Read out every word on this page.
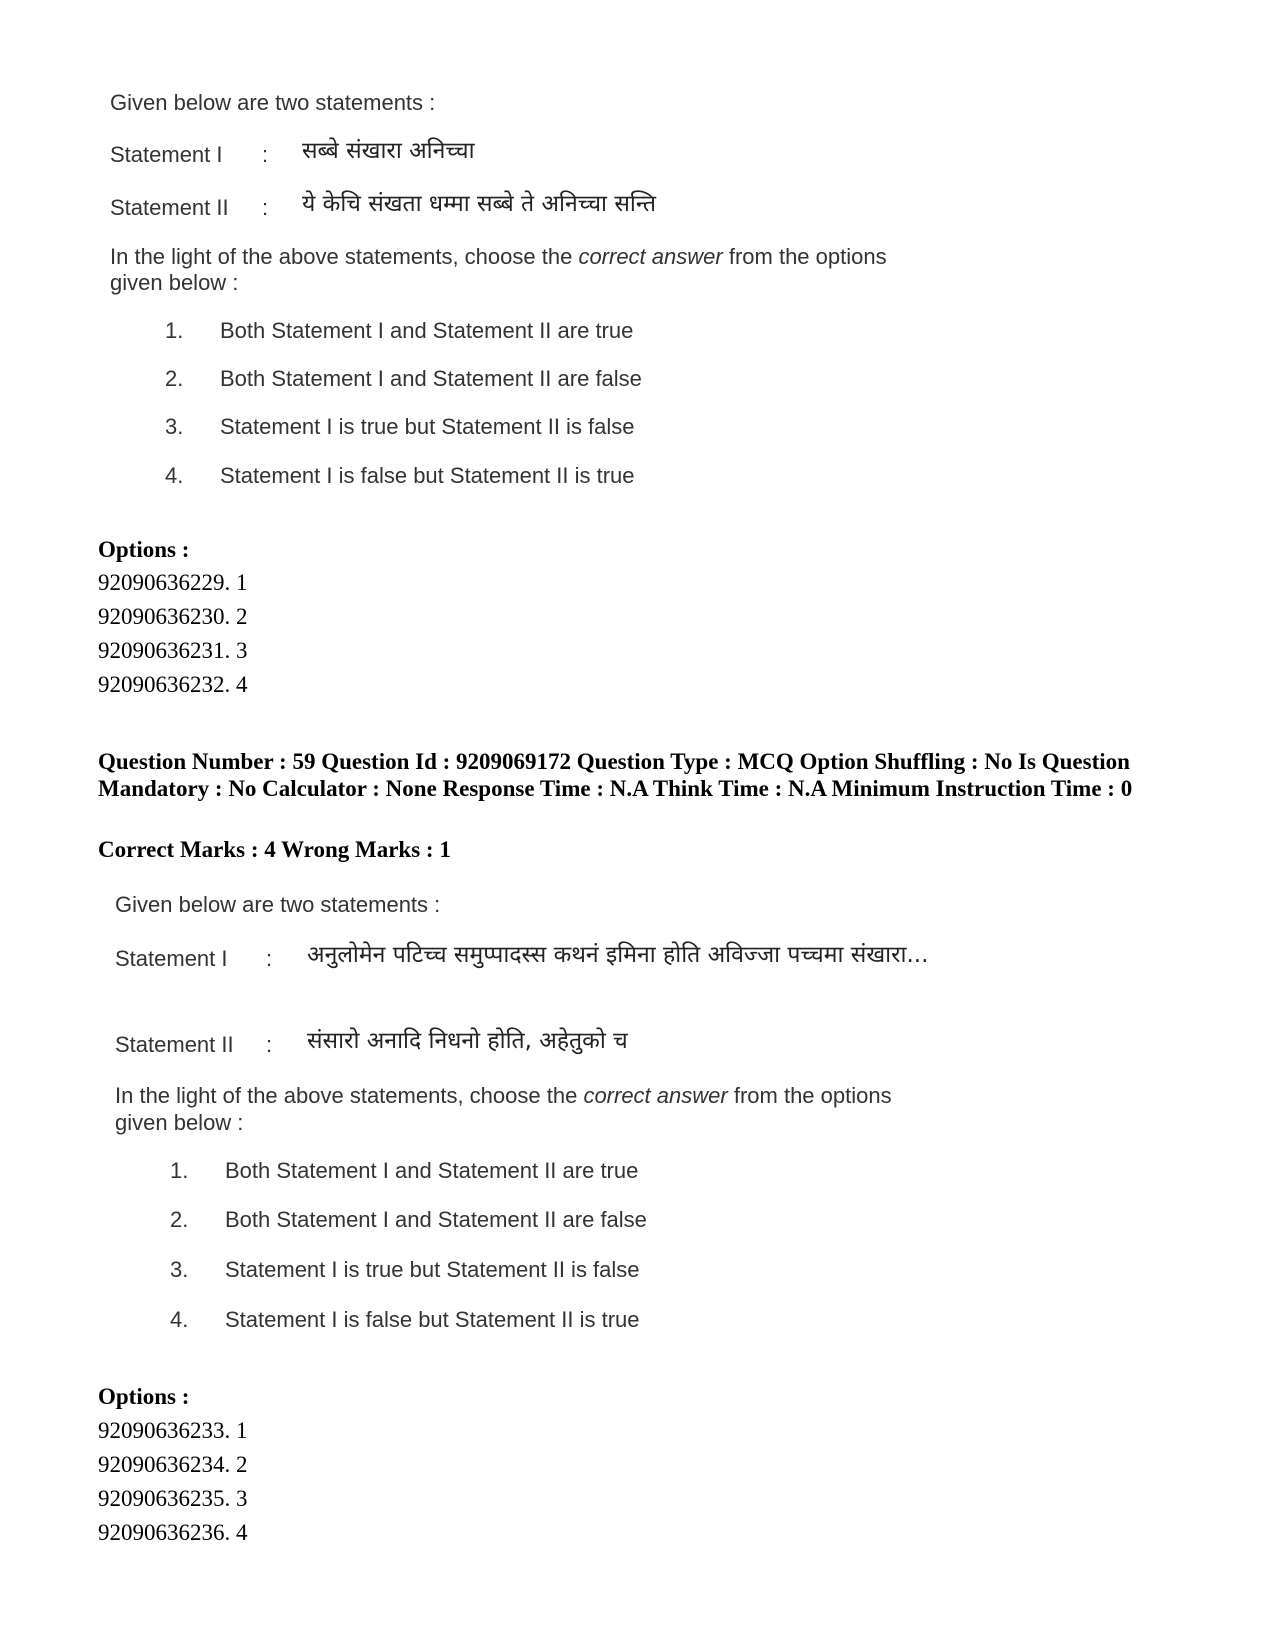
Given below are two statements :
Statement I : सब्बे संखारा अनिच्चा
Statement II : ये केचि संखता धम्मा सब्बे ते अनिच्चा सन्ति
In the light of the above statements, choose the correct answer from the options
given below :
1. Both Statement I and Statement II are true
2. Both Statement I and Statement II are false
3. Statement I is true but Statement II is false
4. Statement I is false but Statement II is true
Options :
92090636229. 1
92090636230. 2
92090636231. 3
92090636232. 4
Question Number : 59 Question Id : 9209069172 Question Type : MCQ Option Shuffling : No Is Question Mandatory : No Calculator : None Response Time : N.A Think Time : N.A Minimum Instruction Time : 0
Correct Marks : 4 Wrong Marks : 1
Given below are two statements :
Statement I : अनुलोमेन पटिच्च समुप्पादस्स कथनं इमिना होति अविज्जा पच्चमा संखारा...
Statement II : संसारो अनादि निधनो होति, अहेतुको च
In the light of the above statements, choose the correct answer from the options
given below :
1. Both Statement I and Statement II are true
2. Both Statement I and Statement II are false
3. Statement I is true but Statement II is false
4. Statement I is false but Statement II is true
Options :
92090636233. 1
92090636234. 2
92090636235. 3
92090636236. 4
